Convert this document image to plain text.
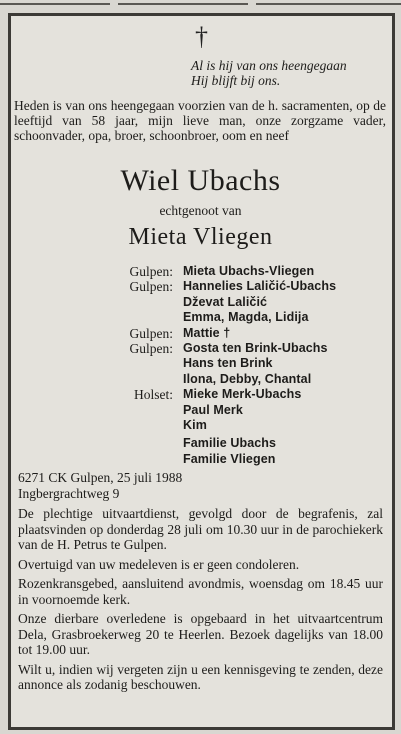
†
Al is hij van ons heengegaan
Hij blijft bij ons.
Heden is van ons heengegaan voorzien van de h. sacramenten, op de leeftijd van 58 jaar, mijn lieve man, onze zorgzame vader, schoonvader, opa, broer, schoonbroer, oom en neef
Wiel Ubachs
echtgenoot van
Mieta Vliegen
Gulpen: Mieta Ubachs-Vliegen
Gulpen: Hannelies Laličić-Ubachs
Dževat Laličić
Emma, Magda, Lidija
Gulpen: Mattie †
Gulpen: Gosta ten Brink-Ubachs
Hans ten Brink
Ilona, Debby, Chantal
Holset: Mieke Merk-Ubachs
Paul Merk
Kim
Familie Ubachs
Familie Vliegen
6271 CK Gulpen, 25 juli 1988
Ingbergrachtweg 9

De plechtige uitvaartdienst, gevolgd door de begrafenis, zal plaatsvinden op donderdag 28 juli om 10.30 uur in de parochiekerk van de H. Petrus te Gulpen.

Overtuigd van uw medeleven is er geen condoleren.

Rozenkransgebed, aansluitend avondmis, woensdag om 18.45 uur in voornoemde kerk.

Onze dierbare overledene is opgebaard in het uitvaartcentrum Dela, Grasbroekerweg 20 te Heerlen. Bezoek dagelijks van 18.00 tot 19.00 uur.

Wilt u, indien wij vergeten zijn u een kennisgeving te zenden, deze annonce als zodanig beschouwen.
